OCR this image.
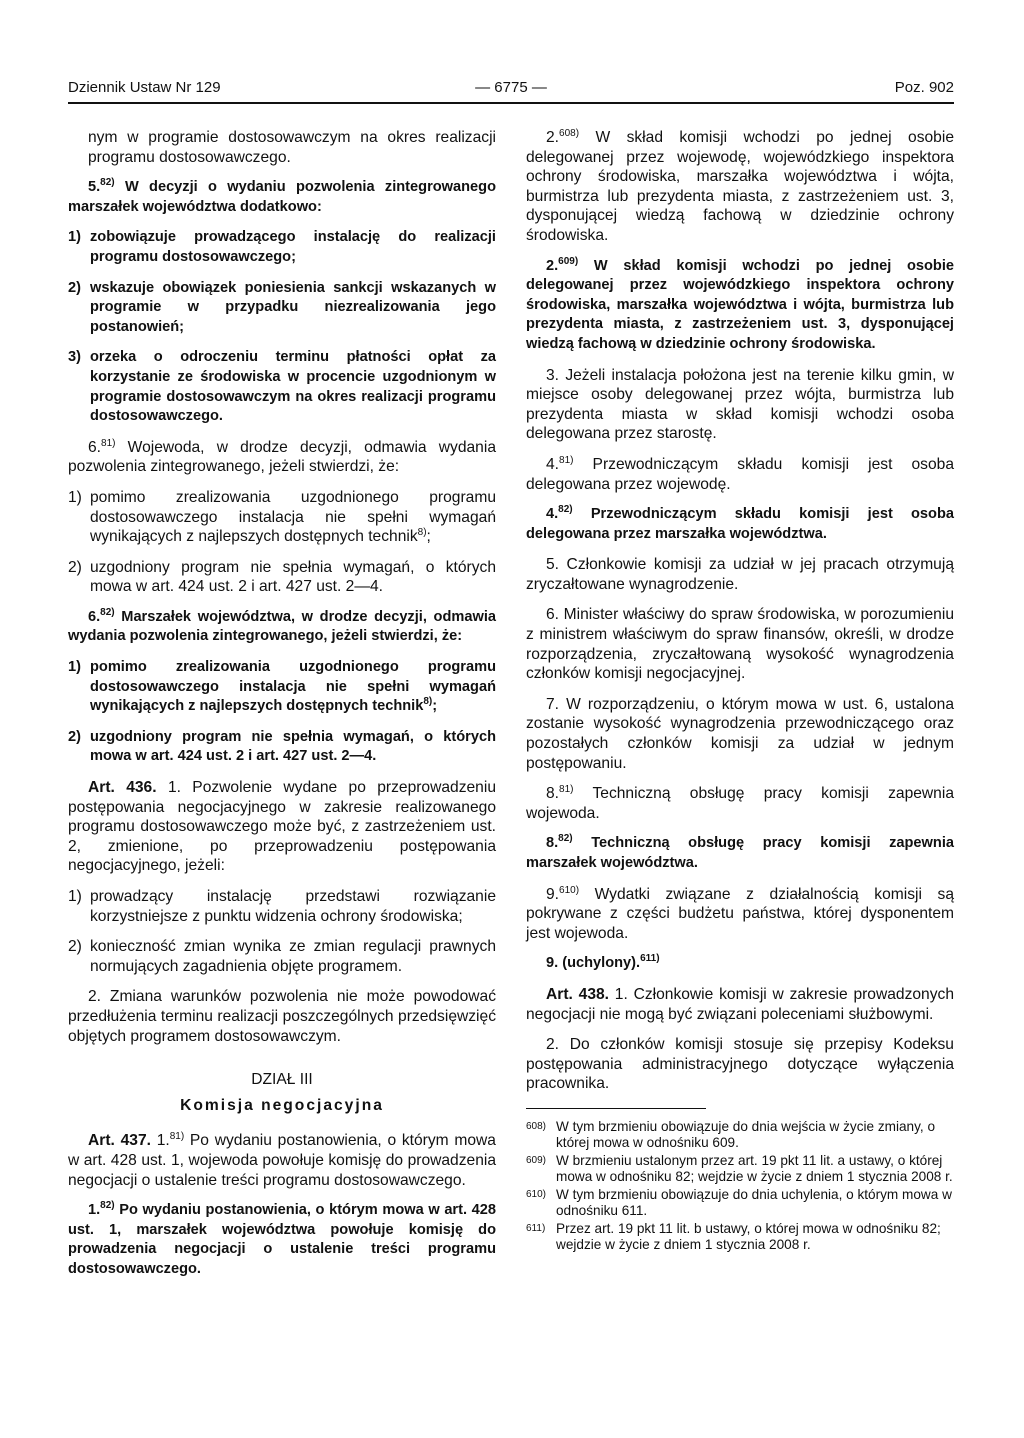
Dziennik Ustaw Nr 129	— 6775 —	Poz. 902

nym w programie dostosowawczym na okres realizacji programu dostosowawczego.

5.$^{82)}$ W decyzji o wydaniu pozwolenia zintegrowanego marszałek województwa dodatkowo:

1) zobowiązuje prowadzącego instalację do realizacji programu dostosowawczego;
2) wskazuje obowiązek poniesienia sankcji wskazanych w programie w przypadku niezrealizowania jego postanowień;
3) orzeka o odroczeniu terminu płatności opłat za korzystanie ze środowiska w procencie uzgodnionym w programie dostosowawczym na okres realizacji programu dostosowawczego.

6.$^{81)}$ Wojewoda, w drodze decyzji, odmawia wydania pozwolenia zintegrowanego, jeżeli stwierdzi, że:

1) pomimo zrealizowania uzgodnionego programu dostosowawczego instalacja nie spełni wymagań wynikających z najlepszych dostępnych technik$^{8)}$;
2) uzgodniony program nie spełnia wymagań, o których mowa w art. 424 ust. 2 i art. 427 ust. 2—4.

6.$^{82)}$ Marszałek województwa, w drodze decyzji, odmawia wydania pozwolenia zintegrowanego, jeżeli stwierdzi, że:

1) pomimo zrealizowania uzgodnionego programu dostosowawczego instalacja nie spełni wymagań wynikających z najlepszych dostępnych technik$^{8)}$;
2) uzgodniony program nie spełnia wymagań, o których mowa w art. 424 ust. 2 i art. 427 ust. 2—4.

Art. 436. 1. Pozwolenie wydane po przeprowadzeniu postępowania negocjacyjnego w zakresie realizowanego programu dostosowawczego może być, z zastrzeżeniem ust. 2, zmienione, po przeprowadzeniu postępowania negocjacyjnego, jeżeli:

1) prowadzący instalację przedstawi rozwiązanie korzystniejsze z punktu widzenia ochrony środowiska;
2) konieczność zmian wynika ze zmian regulacji prawnych normujących zagadnienia objęte programem.

2. Zmiana warunków pozwolenia nie może powodować przedłużenia terminu realizacji poszczególnych przedsięwzięć objętych programem dostosowawczym.

DZIAŁ III
Komisja negocjacyjna

Art. 437. 1.$^{81)}$ Po wydaniu postanowienia, o którym mowa w art. 428 ust. 1, wojewoda powołuje komisję do prowadzenia negocjacji o ustalenie treści programu dostosowawczego.

1.$^{82)}$ Po wydaniu postanowienia, o którym mowa w art. 428 ust. 1, marszałek województwa powołuje komisję do prowadzenia negocjacji o ustalenie treści programu dostosowawczego.

2.$^{608)}$ W skład komisji wchodzi po jednej osobie delegowanej przez wojewodę, wojewódzkiego inspektora ochrony środowiska, marszałka województwa i wójta, burmistrza lub prezydenta miasta, z zastrzeżeniem ust. 3, dysponującej wiedzą fachową w dziedzinie ochrony środowiska.

2.$^{609)}$ W skład komisji wchodzi po jednej osobie delegowanej przez wojewódzkiego inspektora ochrony środowiska, marszałka województwa i wójta, burmistrza lub prezydenta miasta, z zastrzeżeniem ust. 3, dysponującej wiedzą fachową w dziedzinie ochrony środowiska.

3. Jeżeli instalacja położona jest na terenie kilku gmin, w miejsce osoby delegowanej przez wójta, burmistrza lub prezydenta miasta w skład komisji wchodzi osoba delegowana przez starostę.

4.$^{81)}$ Przewodniczącym składu komisji jest osoba delegowana przez wojewodę.

4.$^{82)}$ Przewodniczącym składu komisji jest osoba delegowana przez marszałka województwa.

5. Członkowie komisji za udział w jej pracach otrzymują zryczałtowane wynagrodzenie.

6. Minister właściwy do spraw środowiska, w porozumieniu z ministrem właściwym do spraw finansów, określi, w drodze rozporządzenia, zryczałtowaną wysokość wynagrodzenia członków komisji negocjacyjnej.

7. W rozporządzeniu, o którym mowa w ust. 6, ustalona zostanie wysokość wynagrodzenia przewodniczącego oraz pozostałych członków komisji za udział w jednym postępowaniu.

8.$^{81)}$ Techniczną obsługę pracy komisji zapewnia wojewoda.

8.$^{82)}$ Techniczną obsługę pracy komisji zapewnia marszałek województwa.

9.$^{610)}$ Wydatki związane z działalnością komisji są pokrywane z części budżetu państwa, której dysponentem jest wojewoda.

9. (uchylony).$^{611)}$

Art. 438. 1. Członkowie komisji w zakresie prowadzonych negocjacji nie mogą być związani poleceniami służbowymi.

2. Do członków komisji stosuje się przepisy Kodeksu postępowania administracyjnego dotyczące wyłączenia pracownika.

608) W tym brzmieniu obowiązuje do dnia wejścia w życie zmiany, o której mowa w odnośniku 609.
609) W brzmieniu ustalonym przez art. 19 pkt 11 lit. a ustawy, o której mowa w odnośniku 82; wejdzie w życie z dniem 1 stycznia 2008 r.
610) W tym brzmieniu obowiązuje do dnia uchylenia, o którym mowa w odnośniku 611.
611) Przez art. 19 pkt 11 lit. b ustawy, o której mowa w odnośniku 82; wejdzie w życie z dniem 1 stycznia 2008 r.
